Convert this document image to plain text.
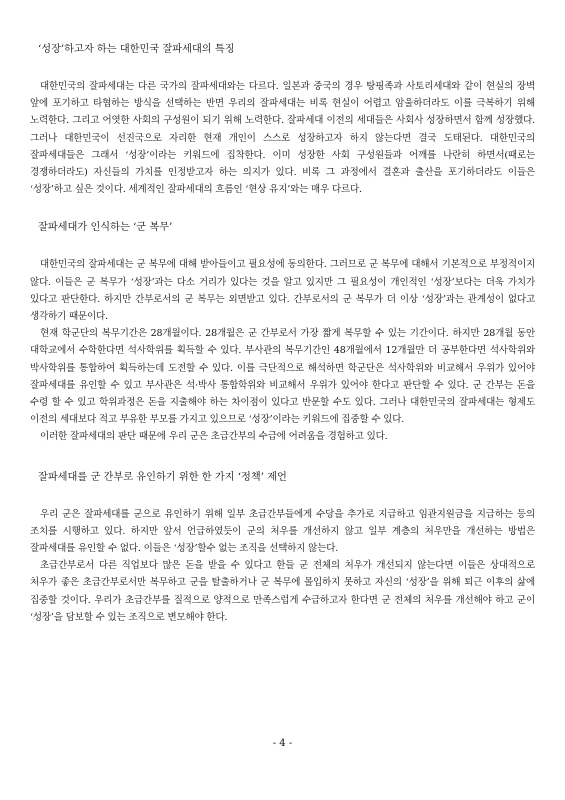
‘성장’하고자 하는 대한민국 잘파세대의 특징

대한민국의 잘파세대는 다른 국가의 잘파세대와는 다르다. 일본과 중국의 경우 탕핑족과 사토리세대와 같이 현실의 장벽 앞에 포기하고 타협하는 방식을 선택하는 반면 우리의 잘파세대는 비록 현실이 어렵고 암울하더라도 이를 극복하기 위해 노력한다. 그리고 어엿한 사회의 구성원이 되기 위해 노력한다. 잘파세대 이전의 세대들은 사회사 성장하면서 함께 성장했다. 그러나 대한민국이 선진국으로 자리한 현재 개인이 스스로 성장하고자 하지 않는다면 결국 도태된다. 대한민국의 잘파세대들은 그래서 ‘성장’이라는 키워드에 집착한다. 이미 성장한 사회 구성원들과 어깨를 나란히 하면서(때로는 경쟁하더라도) 자신들의 가치를 인정받고자 하는 의지가 있다. 비록 그 과정에서 결혼과 출산을 포기하더라도 이들은 ‘성장’하고 싶은 것이다. 세계적인 잘파세대의 흐름인 ‘현상 유지’와는 매우 다르다.

잘파세대가 인식하는 ‘군 복무’

대한민국의 잘파세대는 군 복무에 대해 받아들이고 필요성에 동의한다. 그러므로 군 복무에 대해서 기본적으로 부정적이지 않다. 이들은 군 복무가 ‘성장’과는 다소 거리가 있다는 것을 알고 있지만 그 필요성이 개인적인 ‘성장’보다는 더욱 가치가 있다고 판단한다. 하지만 간부로서의 군 복무는 외면받고 있다. 간부로서의 군 복무가 더 이상 ‘성장’과는 관계성이 없다고 생각하기 때문이다.

현재 학군단의 복무기간은 28개월이다. 28개월은 군 간부로서 가장 짧게 복무할 수 있는 기간이다. 하지만 28개월 동안 대학교에서 수학한다면 석사학위를 획득할 수 있다. 부사관의 복무기간인 48개월에서 12개월만 더 공부한다면 석사학위와 박사학위를 통합하여 획득하는데 도전할 수 있다. 이를 극단적으로 해석하면 학군단은 석사학위와 비교해서 우위가 있어야 잘파세대를 유인할 수 있고 부사관은 석·박사 통합학위와 비교해서 우위가 있어야 한다고 판단할 수 있다. 군 간부는 돈을 수령 할 수 있고 학위과정은 돈을 지출해야 하는 차이점이 있다고 반문할 수도 있다. 그러나 대한민국의 잘파세대는 형제도 이전의 세대보다 적고 부유한 부모를 가지고 있으므로 ‘성장’이라는 키워드에 집중할 수 있다.

이러한 잘파세대의 판단 때문에 우리 군은 초급간부의 수급에 어려움을 경험하고 있다.

잘파세대를 군 간부로 유인하기 위한 한 가지 ‘정책’ 제언

우리 군은 잘파세대를 군으로 유인하기 위해 일부 초급간부들에게 수당을 추가로 지급하고 임관지원금을 지급하는 등의 조치를 시행하고 있다. 하지만 앞서 언급하였듯이 군의 처우를 개선하지 않고 일부 계층의 처우만을 개선하는 방법은 잘파세대를 유인할 수 없다. 이들은 ‘성장’할수 없는 조직을 선택하지 않는다.

초급간부로서 다른 직업보다 많은 돈을 받을 수 있다고 한들 군 전체의 처우가 개선되지 않는다면 이들은 상대적으로 처우가 좋은 초급간부로서만 복무하고 군을 탈출하거나 군 복무에 몰입하지 못하고 자신의 ‘성장’을 위해 퇴근 이후의 삶에 집중할 것이다. 우리가 초급간부를 질적으로 양적으로 만족스럽게 수급하고자 한다면 군 전체의 처우를 개선해야 하고 군이 ‘성장’을 담보할 수 있는 조직으로 변모해야 한다.

- 4 -
